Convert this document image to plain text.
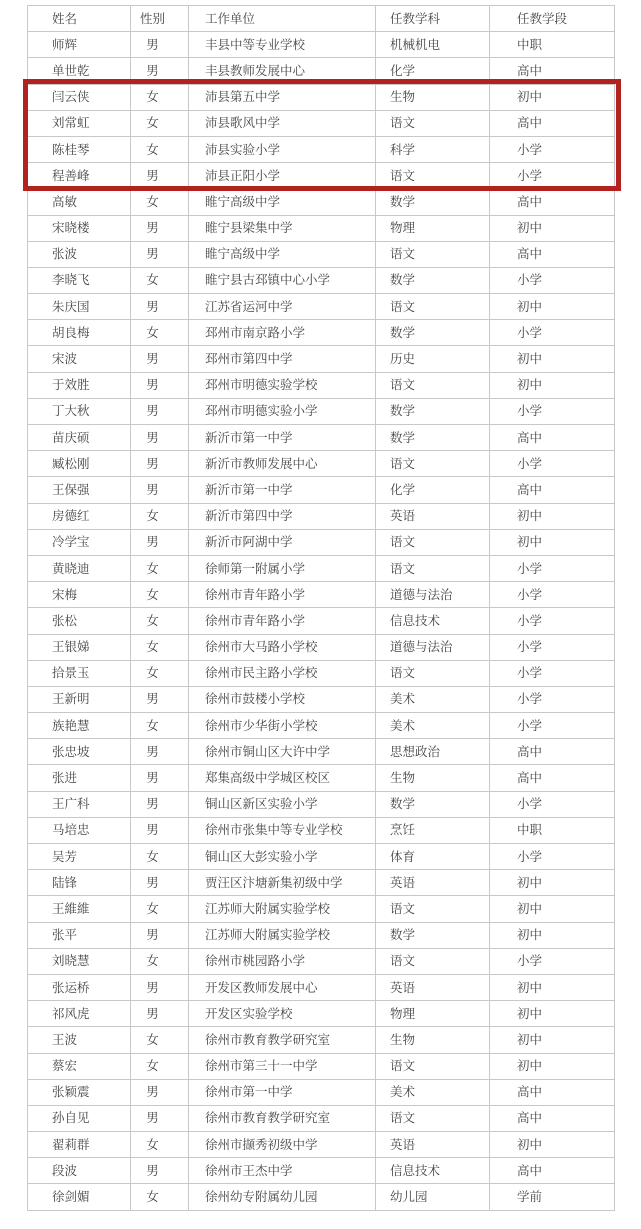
姓名	性别	工作单位	任教学科	任教学段
师辉	男	丰县中等专业学校	机械机电	中职
单世乾	男	丰县教师发展中心	化学	高中
闫云侠	女	沛县第五中学	生物	初中
刘常虹	女	沛县歌风中学	语文	高中
陈桂琴	女	沛县实验小学	科学	小学
程善峰	男	沛县正阳小学	语文	小学
高敏	女	睢宁高级中学	数学	高中
宋晓楼	男	睢宁县梁集中学	物理	初中
张波	男	睢宁高级中学	语文	高中
李晓飞	女	睢宁县古邳镇中心小学	数学	小学
朱庆国	男	江苏省运河中学	语文	初中
胡良梅	女	邳州市南京路小学	数学	小学
宋波	男	邳州市第四中学	历史	初中
于效胜	男	邳州市明德实验学校	语文	初中
丁大秋	男	邳州市明德实验小学	数学	小学
苗庆硕	男	新沂市第一中学	数学	高中
臧松刚	男	新沂市教师发展中心	语文	小学
王保强	男	新沂市第一中学	化学	高中
房德红	女	新沂市第四中学	英语	初中
冷学宝	男	新沂市阿湖中学	语文	初中
黄晓迪	女	徐师第一附属小学	语文	小学
宋梅	女	徐州市青年路小学	道德与法治	小学
张松	女	徐州市青年路小学	信息技术	小学
王银娣	女	徐州市大马路小学校	道德与法治	小学
拾景玉	女	徐州市民主路小学校	语文	小学
王新明	男	徐州市鼓楼小学校	美术	小学
族艳慧	女	徐州市少华街小学校	美术	小学
张忠坡	男	徐州市铜山区大许中学	思想政治	高中
张进	男	郑集高级中学城区校区	生物	高中
王广科	男	铜山区新区实验小学	数学	小学
马培忠	男	徐州市张集中等专业学校	烹饪	中职
吴芳	女	铜山区大彭实验小学	体育	小学
陆锋	男	贾汪区汴塘新集初级中学	英语	初中
王維維	女	江苏师大附属实验学校	语文	初中
张平	男	江苏师大附属实验学校	数学	初中
刘晓慧	女	徐州市桃园路小学	语文	小学
张运桥	男	开发区教师发展中心	英语	初中
祁风虎	男	开发区实验学校	物理	初中
王波	女	徐州市教育教学研究室	生物	初中
蔡宏	女	徐州市第三十一中学	语文	初中
张颖震	男	徐州市第一中学	美术	高中
孙自见	男	徐州市教育教学研究室	语文	高中
翟莉群	女	徐州市撷秀初级中学	英语	初中
段波	男	徐州市王杰中学	信息技术	高中
徐剑媚	女	徐州幼专附属幼儿园	幼儿园	学前
